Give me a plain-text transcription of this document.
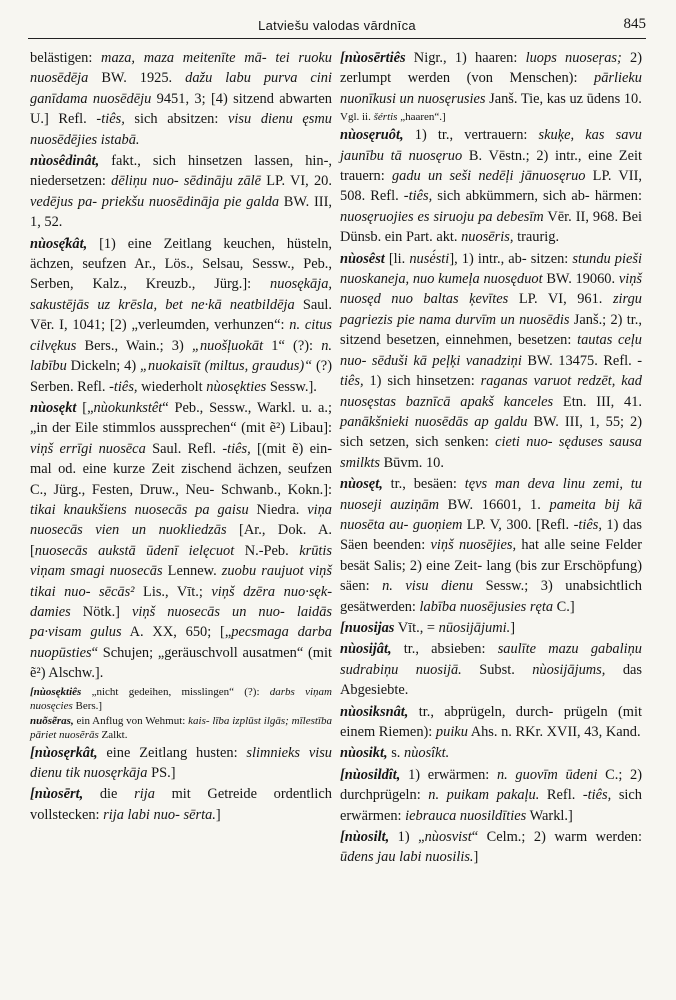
Latviešu valodas vārdnīca	845

belästigen: maza, maza meitenīte mā- tei ruoku nuosēdēja BW. 1925. dažu labu purva cini ganīdama nuosēdēju 9451, 3; [4) sitzend abwarten U.] Refl. -tiês, sich absitzen: visu dienu ęsmu nuosēdējies istabā.

nùosêdinât, fakt., sich hinsetzen lassen, hin-, niedersetzen: dēliņu nuo- sēdināju zālē LP. VI, 20. vedējus pa- priekšu nuosēdināja pie galda BW. III, 1, 52.

nùosę̂kât, [1) eine Zeitlang keuchen, hüsteln, ächzen, seufzen Ar., Lös., Selsau, Sessw., Peb., Serben, Kalz., Kreuzb., Jürg.]: nuosękāja, sakustējās uz krēsla, bet ne·kā neatbildēja Saul. Vēr. I, 1041; [2) „verleumden, verhunzen“: n. citus cilvękus Bers., Wain.; 3) „nuošļuokāt 1“ (?): n. labību Dickeln; 4) „nuokaisīt (miltus, graudus)“ (?) Serben. Refl. -tiês, wiederholt nùosękties Sessw.].

nùosękt [„nùokunkstêt“ Peb., Sessw., Warkl. u. a.; „in der Eile stimmlos aussprechen“ (mit ẽ²) Libau]: viņš errīgi nuosēca Saul. Refl. -tiês, [(mit ẽ) ein- mal od. eine kurze Zeit zischend ächzen, seufzen C., Jürg., Festen, Druw., Neu- Schwanb., Kokn.]: tikai knaukšiens nuosecās pa gaisu Niedra. viņa nuosecās vien un nuokliedzās [Ar., Dok. A. [nuosecās aukstā ūdenī ielęcuot N.-Peb. krūtis viņam smagi nuosecās Lennew. zuobu raujuot viņš tikai nuo- sēcās² Lis., Vīt.; viņš dzēra nuo·sęk- damies Nötk.] viņš nuosecās un nuo- laidās pa·visam gulus A. XX, 650; [„pecsmaga darba nuopūsties“ Schujen; „geräuschvoll ausatmen“ (mit ẽ²) Alschw.].

[nùosęktiês „nicht gedeihen, misslingen“ (?): darbs viņam nuosęcies Bers.]

nuõsẽras, ein Anflug von Wehmut: kais- lība izplūst ilgās; mīlestība pāriet nuosẽrās Zalkt.

[nùosęrkât, eine Zeitlang husten: slimnieks visu dienu tik nuosęrkāja PS.]

[nùosērt, die rija mit Getreide ordentlich vollstecken: rija labi nuo- sērta.]

[nùosērtiês Nigr., 1) haaren: luops nuoseŗas; 2) zerlumpt werden (von Menschen): pārlieku nuonīkusi un nuosęrusies Janš. Tie, kas uz ūdens 10.

Vgl. ii. šértis „haaren“.]

nùosęruôt, 1) tr., vertrauern: skuķe, kas savu jaunību tā nuosęruo B. Vēstn.; 2) intr., eine Zeit trauern: gadu un seši nedēļi jānuosęruo LP. VII, 508. Refl. -tiês, sich abkümmern, sich ab- härmen: nuosęruojies es siruoju pa debesīm Vēr. II, 968. Bei Dünsb. ein Part. akt. nuosēris, traurig.

nùosêst [li. nusė́sti], 1) intr., ab- sitzen: stundu pieši nuoskaneja, nuo kumeļa nuosęduot BW. 19060. viņš nuosęd nuo baltas ķevītes LP. VI, 961. zirgu pagriezis pie nama durvīm un nuosēdis Janš.; 2) tr., sitzend besetzen, einnehmen, besetzen: tautas ceļu nuo- sēduši kā peļķi vanadziņi BW. 13475. Refl. -tiês, 1) sich hinsetzen: raganas varuot redzēt, kad nuosęstas baznīcā apakš kanceles Etn. III, 41. panākšnieki nuosēdās ap galdu BW. III, 1, 55; 2) sich setzen, sich senken: cieti nuo- sęduses sausa smilkts Būvm. 10.

nùosęt, tr., besäen: tęvs man deva linu zemi, tu nuoseji auziņām BW. 16601, 1. pameita bij kā nuosēta au- guoņiem LP. V, 300. [Refl. -tiês, 1) das Säen beenden: viņš nuosējies, hat alle seine Felder besät Salis; 2) eine Zeit- lang (bis zur Erschöpfung) säen: n. visu dienu Sessw.; 3) unabsichtlich gesätwerden: labība nuosējusies ręta C.]

[nuosijas Vīt., = nūosijājumi.]

nùosijât, tr., absieben: saulīte mazu gabaliņu sudrabiņu nuosijā. Subst. nùosijājums, das Abgesiebte.

nùosiksnât, tr., abprügeln, durch- prügeln (mit einem Riemen): puiku Ahs. n. RKr. XVII, 43, Kand.

nùosikt, s. nùosîkt.

[nùosildît, 1) erwärmen: n. guovīm ūdeni C.; 2) durchprügeln: n. puikam pakaļu. Refl. -tiês, sich erwärmen: iebrauca nuosildīties Warkl.]

[nùosilt, 1) „nùosvist“ Celm.; 2) warm werden: ūdens jau labi nuosilis.]
